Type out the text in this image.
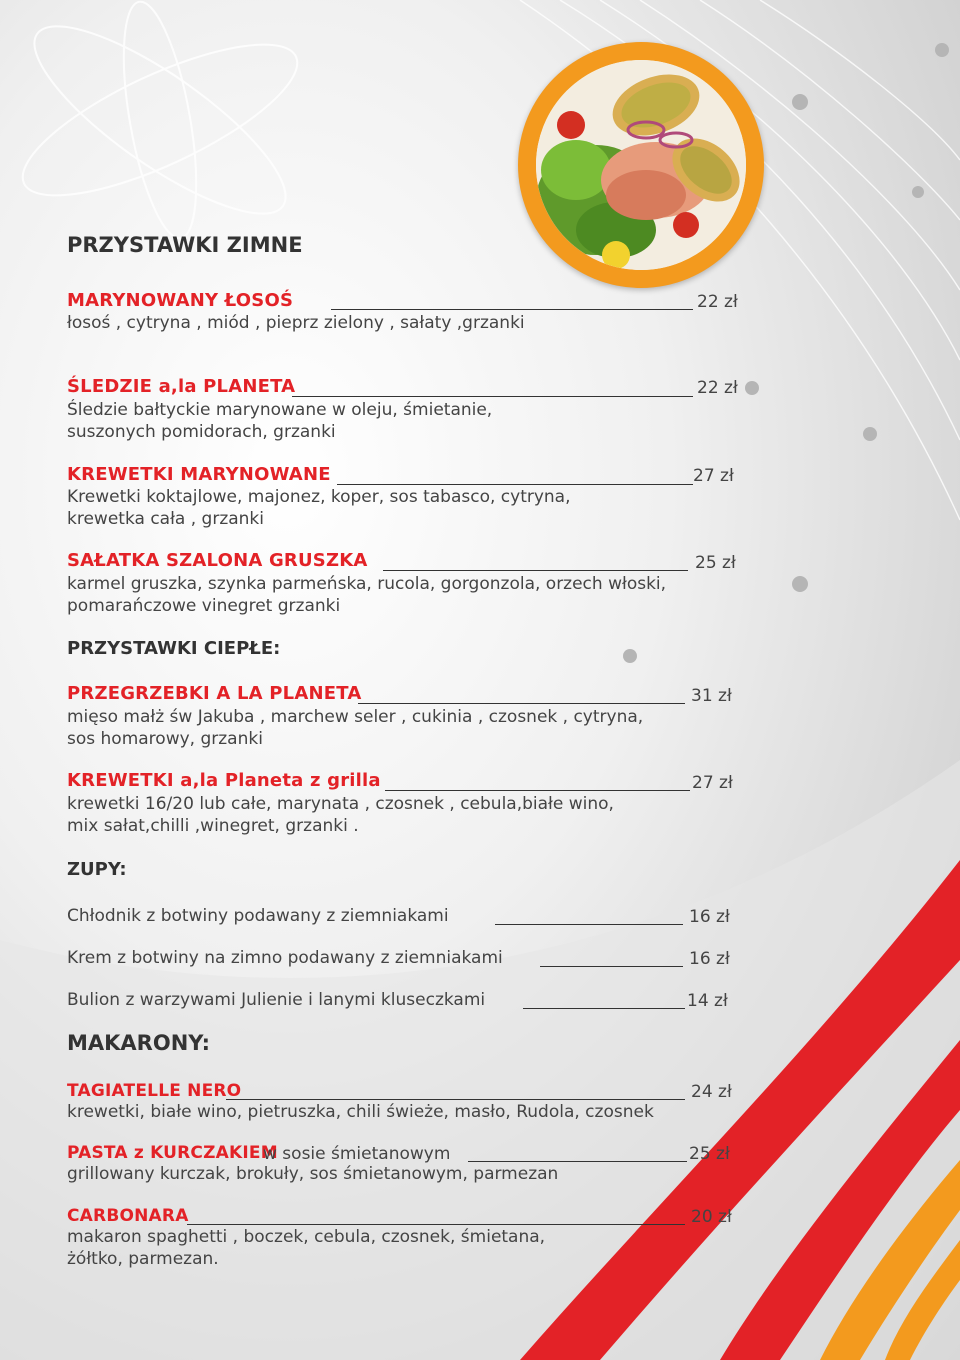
PRZYSTAWKI ZIMNE
MARYNOWANY ŁOSOŚ	22 zł
łosoś , cytryna , miód , pieprz zielony , sałaty ,grzanki
ŚLEDZIE a,la PLANETA	22 zł
Śledzie bałtyckie marynowane w oleju, śmietanie,
suszonych pomidorach, grzanki
KREWETKI MARYNOWANE	27 zł
Krewetki koktajlowe, majonez, koper, sos tabasco, cytryna,
krewetka cała , grzanki
SAŁATKA SZALONA GRUSZKA	25 zł
karmel gruszka, szynka parmeńska, rucola, gorgonzola, orzech włoski,
pomarańczowe vinegret grzanki
PRZYSTAWKI CIEPŁE:
PRZEGRZEBKI A LA PLANETA	31 zł
mięso małż św Jakuba , marchew seler , cukinia , czosnek , cytryna,
sos homarowy, grzanki
KREWETKI a,la Planeta z grilla	27 zł
krewetki 16/20 lub całe, marynata , czosnek , cebula,białe wino,
mix sałat,chilli ,winegret, grzanki .
ZUPY:
Chłodnik z botwiny podawany z ziemniakami	16 zł
Krem z botwiny na zimno podawany z ziemniakami	16 zł
Bulion z warzywami Julienie i lanymi kluseczkami	14 zł
MAKARONY:
TAGIATELLE NERO	24 zł
krewetki, białe wino, pietruszka, chili świeże, masło, Rudola, czosnek
PASTA z KURCZAKIEM
w sosie śmietanowym	25 zł
grillowany kurczak, brokuły, sos śmietanowym, parmezan
CARBONARA	20 zł
makaron spaghetti , boczek, cebula, czosnek, śmietana,
żółtko, parmezan.
